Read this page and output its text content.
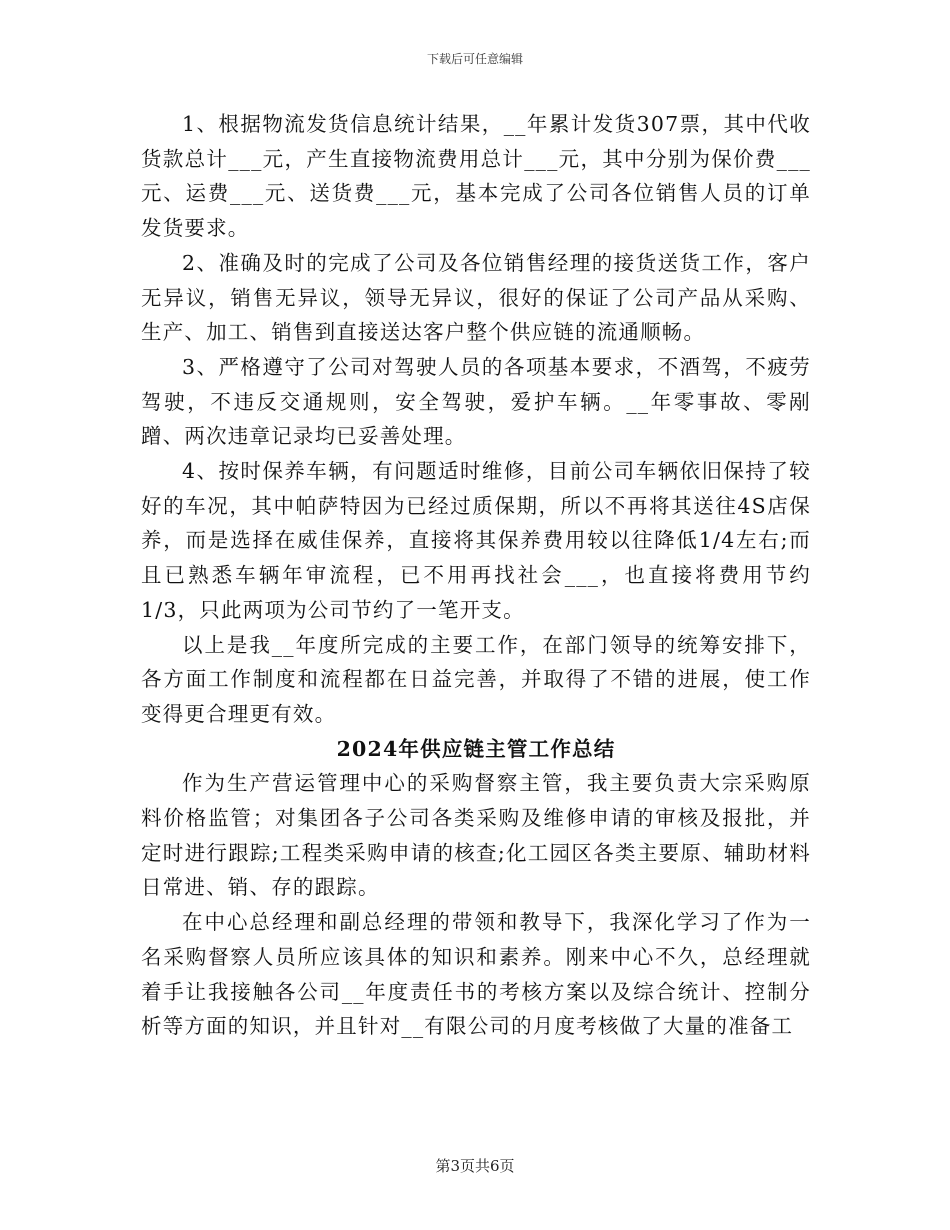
下载后可任意编辑

1、根据物流发货信息统计结果，__年累计发货307票，其中代收货款总计___元，产生直接物流费用总计___元，其中分别为保价费___元、运费___元、送货费___元，基本完成了公司各位销售人员的订单发货要求。

2、准确及时的完成了公司及各位销售经理的接货送货工作，客户无异议，销售无异议，领导无异议，很好的保证了公司产品从采购、生产、加工、销售到直接送达客户整个供应链的流通顺畅。

3、严格遵守了公司对驾驶人员的各项基本要求，不酒驾，不疲劳驾驶，不违反交通规则，安全驾驶，爱护车辆。__年零事故、零剐蹭、两次违章记录均已妥善处理。

4、按时保养车辆，有问题适时维修，目前公司车辆依旧保持了较好的车况，其中帕萨特因为已经过质保期，所以不再将其送往4S店保养，而是选择在威佳保养，直接将其保养费用较以往降低1/4左右;而且已熟悉车辆年审流程，已不用再找社会___，也直接将费用节约1/3，只此两项为公司节约了一笔开支。

以上是我__年度所完成的主要工作，在部门领导的统筹安排下，各方面工作制度和流程都在日益完善，并取得了不错的进展，使工作变得更合理更有效。

2024年供应链主管工作总结

作为生产营运管理中心的采购督察主管，我主要负责大宗采购原料价格监管；对集团各子公司各类采购及维修申请的审核及报批，并定时进行跟踪;工程类采购申请的核查;化工园区各类主要原、辅助材料日常进、销、存的跟踪。

在中心总经理和副总经理的带领和教导下，我深化学习了作为一名采购督察人员所应该具体的知识和素养。刚来中心不久，总经理就着手让我接触各公司__年度责任书的考核方案以及综合统计、控制分析等方面的知识，并且针对__有限公司的月度考核做了大量的准备工

第3页共6页
